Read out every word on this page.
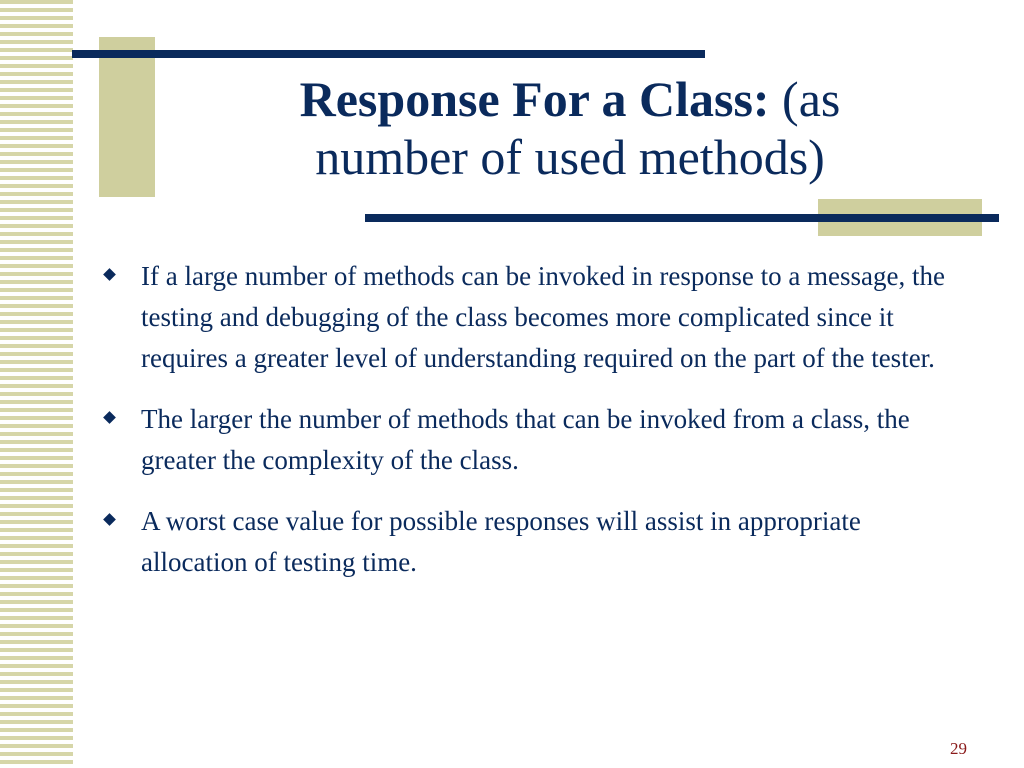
Response For a Class: (as
number of used methods)
If a large number of methods can be invoked in response to a message, the testing and debugging of the class becomes more complicated since it requires a greater level of understanding required on the part of the tester.
The larger the number of methods that can be invoked from a class, the greater the complexity of the class.
A worst case value for possible responses will assist in appropriate allocation of testing time.
29
